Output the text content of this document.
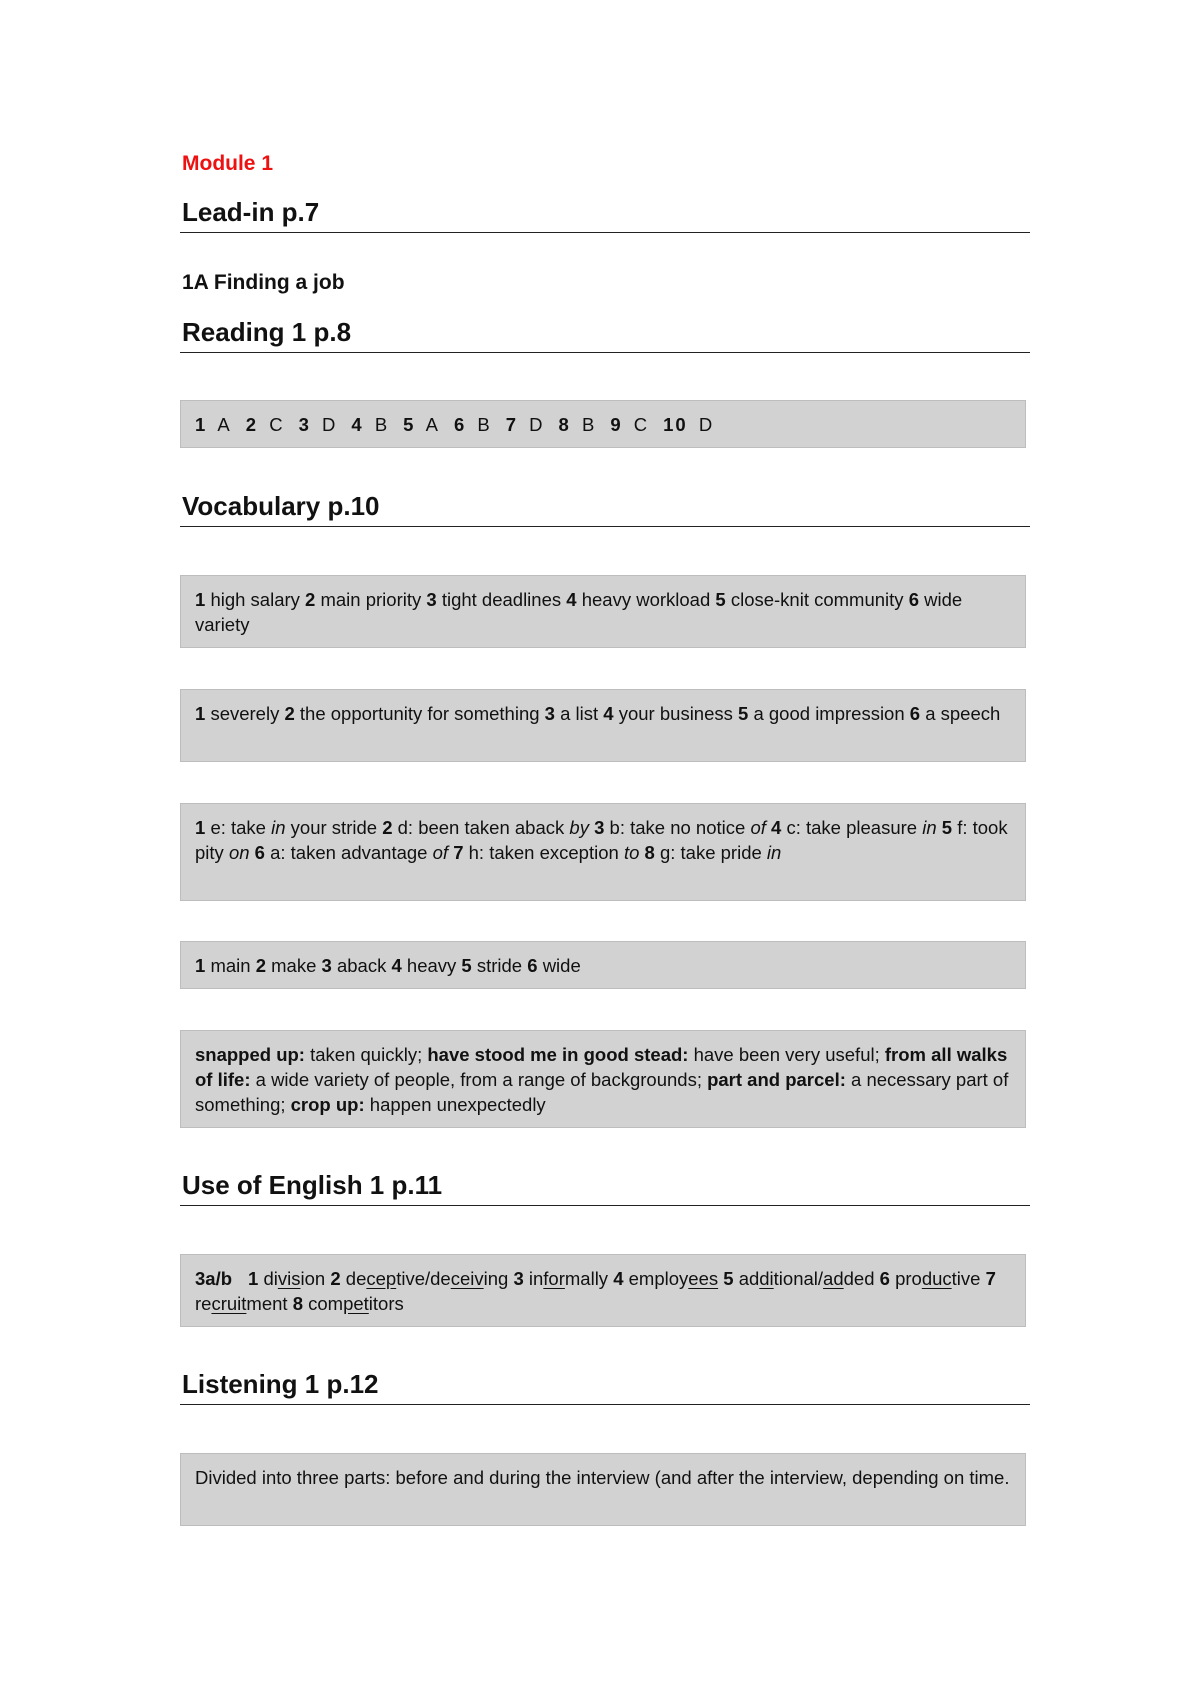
Module 1
Lead-in p.7
1A Finding a job
Reading 1 p.8
1 A 2 C 3 D 4 B 5 A 6 B 7 D 8 B 9 C 10 D
Vocabulary p.10
1 high salary 2 main priority 3 tight deadlines 4 heavy workload 5 close-knit community 6 wide variety
1 severely 2 the opportunity for something 3 a list 4 your business 5 a good impression 6 a speech
1 e: take in your stride 2 d: been taken aback by 3 b: take no notice of 4 c: take pleasure in 5 f: took pity on 6 a: taken advantage of 7 h: taken exception to 8 g: take pride in
1 main 2 make 3 aback 4 heavy 5 stride 6 wide
snapped up: taken quickly; have stood me in good stead: have been very useful; from all walks of life: a wide variety of people, from a range of backgrounds; part and parcel: a necessary part of something; crop up: happen unexpectedly
Use of English 1 p.11
3a/b 1 division 2 deceptive/deceiving 3 informally 4 employees 5 additional/added 6 productive 7 recruitment 8 competitors
Listening 1 p.12
Divided into three parts: before and during the interview (and after the interview, depending on time.
